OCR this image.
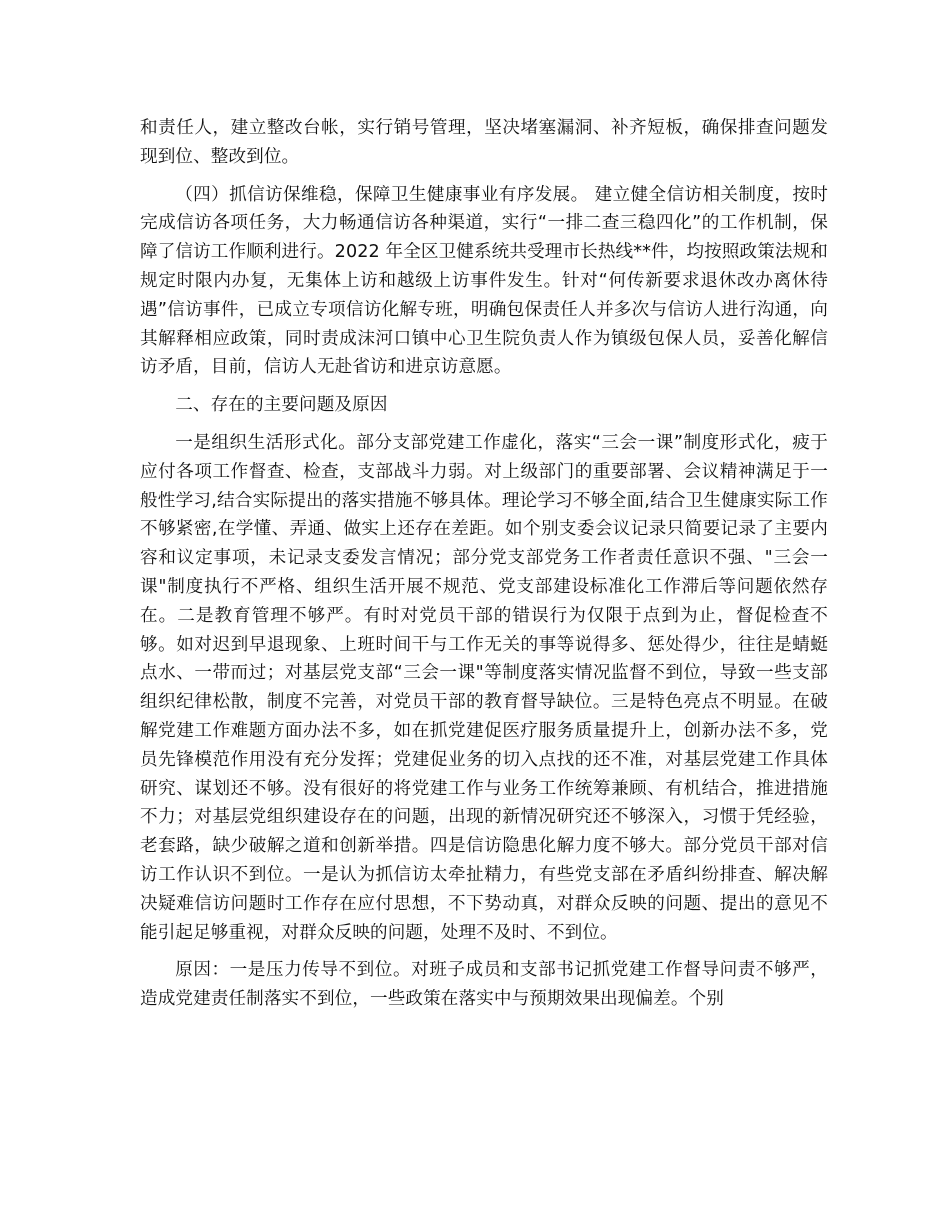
和责任人，建立整改台帐，实行销号管理，坚决堵塞漏洞、补齐短板，确保排查问题发现到位、整改到位。

（四）抓信访保维稳，保障卫生健康事业有序发展。 建立健全信访相关制度，按时完成信访各项任务，大力畅通信访各种渠道，实行“一排二查三稳四化”的工作机制，保障了信访工作顺利进行。2022 年全区卫健系统共受理市长热线**件，均按照政策法规和规定时限内办复，无集体上访和越级上访事件发生。针对“何传新要求退休改办离休待遇”信访事件，已成立专项信访化解专班，明确包保责任人并多次与信访人进行沟通，向其解释相应政策，同时责成沫河口镇中心卫生院负责人作为镇级包保人员，妥善化解信访矛盾，目前，信访人无赴省访和进京访意愿。

二、存在的主要问题及原因

一是组织生活形式化。部分支部党建工作虚化，落实“三会一课”制度形式化，疲于应付各项工作督查、检查，支部战斗力弱。对上级部门的重要部署、会议精神满足于一般性学习,结合实际提出的落实措施不够具体。理论学习不够全面,结合卫生健康实际工作不够紧密,在学懂、弄通、做实上还存在差距。如个别支委会议记录只简要记录了主要内容和议定事项，未记录支委发言情况；部分党支部党务工作者责任意识不强、"三会一课"制度执行不严格、组织生活开展不规范、党支部建设标准化工作滞后等问题依然存在。二是教育管理不够严。有时对党员干部的错误行为仅限于点到为止，督促检查不够。如对迟到早退现象、上班时间干与工作无关的事等说得多、惩处得少，往往是蜻蜓点水、一带而过；对基层党支部“三会一课"等制度落实情况监督不到位，导致一些支部组织纪律松散，制度不完善，对党员干部的教育督导缺位。三是特色亮点不明显。在破解党建工作难题方面办法不多，如在抓党建促医疗服务质量提升上，创新办法不多，党员先锋模范作用没有充分发挥；党建促业务的切入点找的还不准，对基层党建工作具体研究、谋划还不够。没有很好的将党建工作与业务工作统筹兼顾、有机结合，推进措施不力；对基层党组织建设存在的问题，出现的新情况研究还不够深入，习惯于凭经验，老套路，缺少破解之道和创新举措。四是信访隐患化解力度不够大。部分党员干部对信访工作认识不到位。一是认为抓信访太牵扯精力，有些党支部在矛盾纠纷排查、解决解决疑难信访问题时工作存在应付思想，不下势动真，对群众反映的问题、提出的意见不能引起足够重视，对群众反映的问题，处理不及时、不到位。

原因：一是压力传导不到位。对班子成员和支部书记抓党建工作督导问责不够严，造成党建责任制落实不到位，一些政策在落实中与预期效果出现偏差。个别
